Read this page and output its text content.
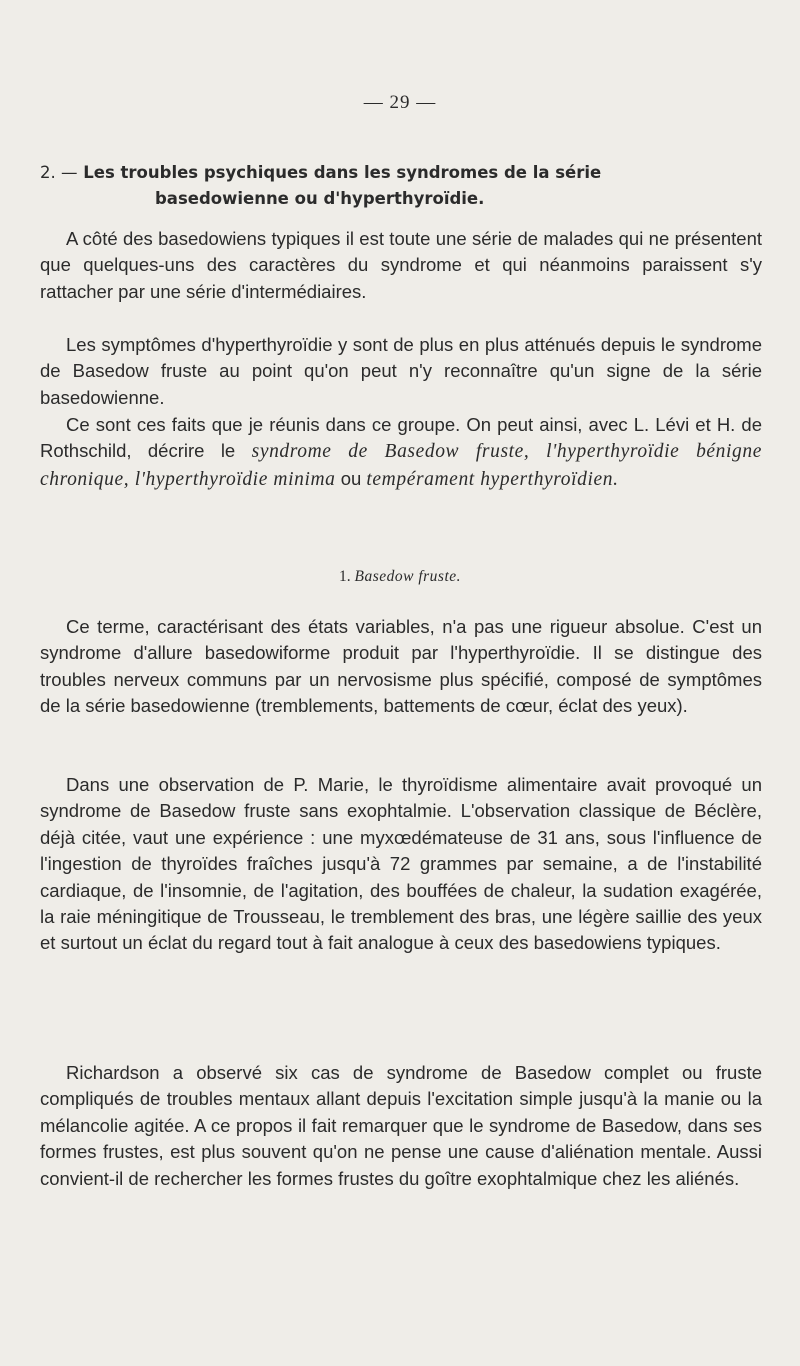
— 29 —
2. — Les troubles psychiques dans les syndromes de la série
basedowienne ou d'hyperthyroïdie.

A côté des basedowiens typiques il est toute une série de malades qui ne présentent que quelques-uns des caractères du syndrome et qui néanmoins paraissent s'y rattacher par une série d'intermédiaires.

Les symptômes d'hyperthyroïdie y sont de plus en plus atténués depuis le syndrome de Basedow fruste au point qu'on peut n'y reconnaître qu'un signe de la série basedowienne.

Ce sont ces faits que je réunis dans ce groupe. On peut ainsi, avec L. Lévi et H. de Rothschild, décrire le syndrome de Basedow fruste, l'hyperthyroïdie bénigne chronique, l'hyperthyroïdie minima ou tempérament hyperthyroïdien.

1. Basedow fruste.

Ce terme, caractérisant des états variables, n'a pas une rigueur absolue. C'est un syndrome d'allure basedowiforme produit par l'hyperthyroïdie. Il se distingue des troubles nerveux communs par un nervosisme plus spécifié, composé de symptômes de la série basedowienne (tremblements, battements de cœur, éclat des yeux).

Dans une observation de P. Marie, le thyroïdisme alimentaire avait provoqué un syndrome de Basedow fruste sans exophtalmie. L'observation classique de Béclère, déjà citée, vaut une expérience : une myxœdémateuse de 31 ans, sous l'influence de l'ingestion de thyroïdes fraîches jusqu'à 72 grammes par semaine, a de l'instabilité cardiaque, de l'insomnie, de l'agitation, des bouffées de chaleur, la sudation exagérée, la raie méningitique de Trousseau, le tremblement des bras, une légère saillie des yeux et surtout un éclat du regard tout à fait analogue à ceux des basedowiens typiques.

Richardson a observé six cas de syndrome de Basedow complet ou fruste compliqués de troubles mentaux allant depuis l'excitation simple jusqu'à la manie ou la mélancolie agitée. A ce propos il fait remarquer que le syndrome de Basedow, dans ses formes frustes, est plus souvent qu'on ne pense une cause d'aliénation mentale. Aussi convient-il de rechercher les formes frustes du goître exophtalmique chez les aliénés.
